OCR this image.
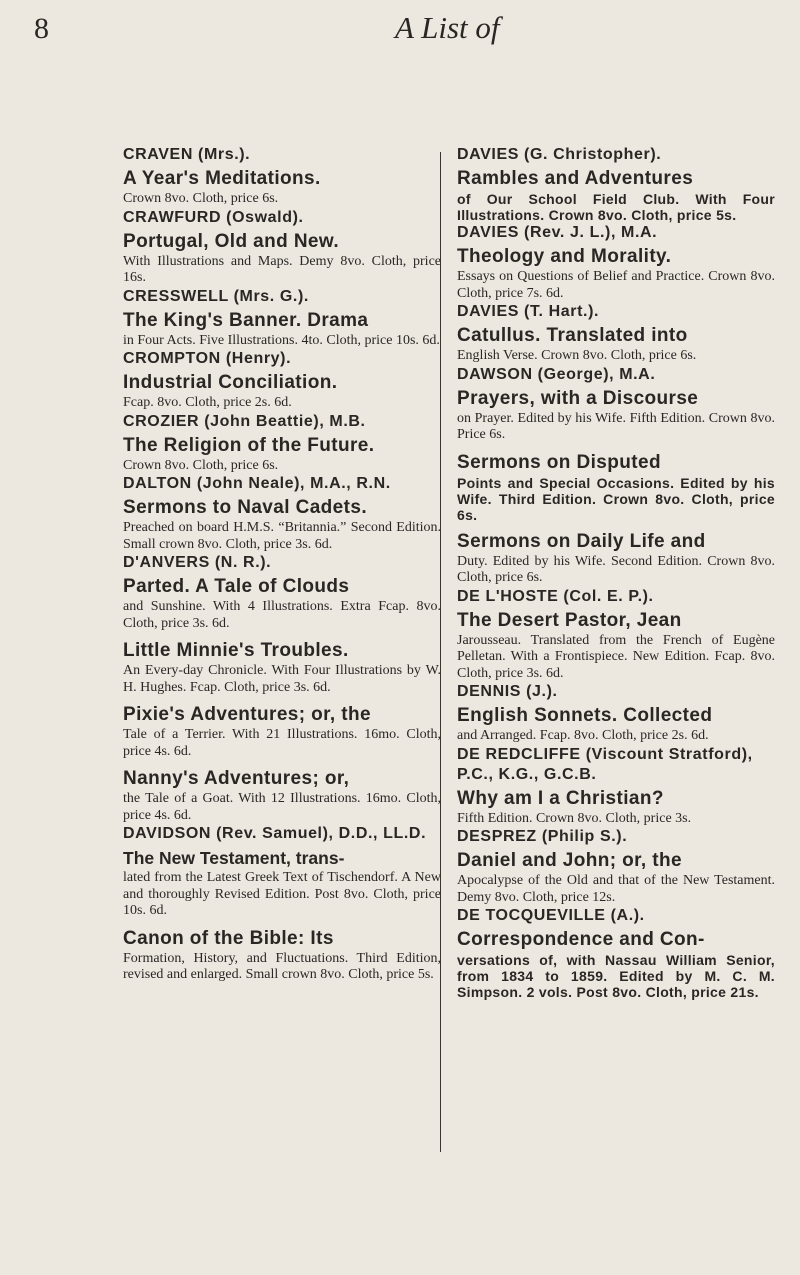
8	A List of
CRAVEN (Mrs.).
A Year's Meditations.
Crown 8vo. Cloth, price 6s.
CRAWFURD (Oswald).
Portugal, Old and New.
With Illustrations and Maps. Demy 8vo. Cloth, price 16s.
CRESSWELL (Mrs. G.).
The King's Banner. Drama
in Four Acts. Five Illustrations. 4to. Cloth, price 10s. 6d.
CROMPTON (Henry).
Industrial Conciliation.
Fcap. 8vo. Cloth, price 2s. 6d.
CROZIER (John Beattie), M.B.
The Religion of the Future.
Crown 8vo. Cloth, price 6s.
DALTON (John Neale), M.A., R.N.
Sermons to Naval Cadets.
Preached on board H.M.S. “Britannia.” Second Edition. Small crown 8vo. Cloth, price 3s. 6d.
D'ANVERS (N. R.).
Parted. A Tale of Clouds
and Sunshine. With 4 Illustrations. Extra Fcap. 8vo. Cloth, price 3s. 6d.
Little Minnie's Troubles.
An Every-day Chronicle. With Four Illustrations by W. H. Hughes. Fcap. Cloth, price 3s. 6d.
Pixie's Adventures; or, the
Tale of a Terrier. With 21 Illustrations. 16mo. Cloth, price 4s. 6d.
Nanny's Adventures; or,
the Tale of a Goat. With 12 Illustrations. 16mo. Cloth, price 4s. 6d.
DAVIDSON (Rev. Samuel), D.D., LL.D.
The New Testament, trans-
lated from the Latest Greek Text of Tischendorf. A New and thoroughly Revised Edition. Post 8vo. Cloth, price 10s. 6d.
Canon of the Bible: Its
Formation, History, and Fluctuations. Third Edition, revised and enlarged. Small crown 8vo. Cloth, price 5s.
DAVIES (G. Christopher).
Rambles and Adventures
of Our School Field Club. With Four Illustrations. Crown 8vo. Cloth, price 5s.
DAVIES (Rev. J. L.), M.A.
Theology and Morality.
Essays on Questions of Belief and Practice. Crown 8vo. Cloth, price 7s. 6d.
DAVIES (T. Hart.).
Catullus. Translated into
English Verse. Crown 8vo. Cloth, price 6s.
DAWSON (George), M.A.
Prayers, with a Discourse
on Prayer. Edited by his Wife. Fifth Edition. Crown 8vo. Price 6s.
Sermons on Disputed
Points and Special Occasions. Edited by his Wife. Third Edition. Crown 8vo. Cloth, price 6s.
Sermons on Daily Life and
Duty. Edited by his Wife. Second Edition. Crown 8vo. Cloth, price 6s.
DE L'HOSTE (Col. E. P.).
The Desert Pastor, Jean
Jarousseau. Translated from the French of Eugène Pelletan. With a Frontispiece. New Edition. Fcap. 8vo. Cloth, price 3s. 6d.
DENNIS (J.).
English Sonnets. Collected
and Arranged. Fcap. 8vo. Cloth, price 2s. 6d.
DE REDCLIFFE (Viscount Stratford), P.C., K.G., G.C.B.
Why am I a Christian?
Fifth Edition. Crown 8vo. Cloth, price 3s.
DESPREZ (Philip S.).
Daniel and John; or, the
Apocalypse of the Old and that of the New Testament. Demy 8vo. Cloth, price 12s.
DE TOCQUEVILLE (A.).
Correspondence and Con-
versations of, with Nassau William Senior, from 1834 to 1859. Edited by M. C. M. Simpson. 2 vols. Post 8vo. Cloth, price 21s.
